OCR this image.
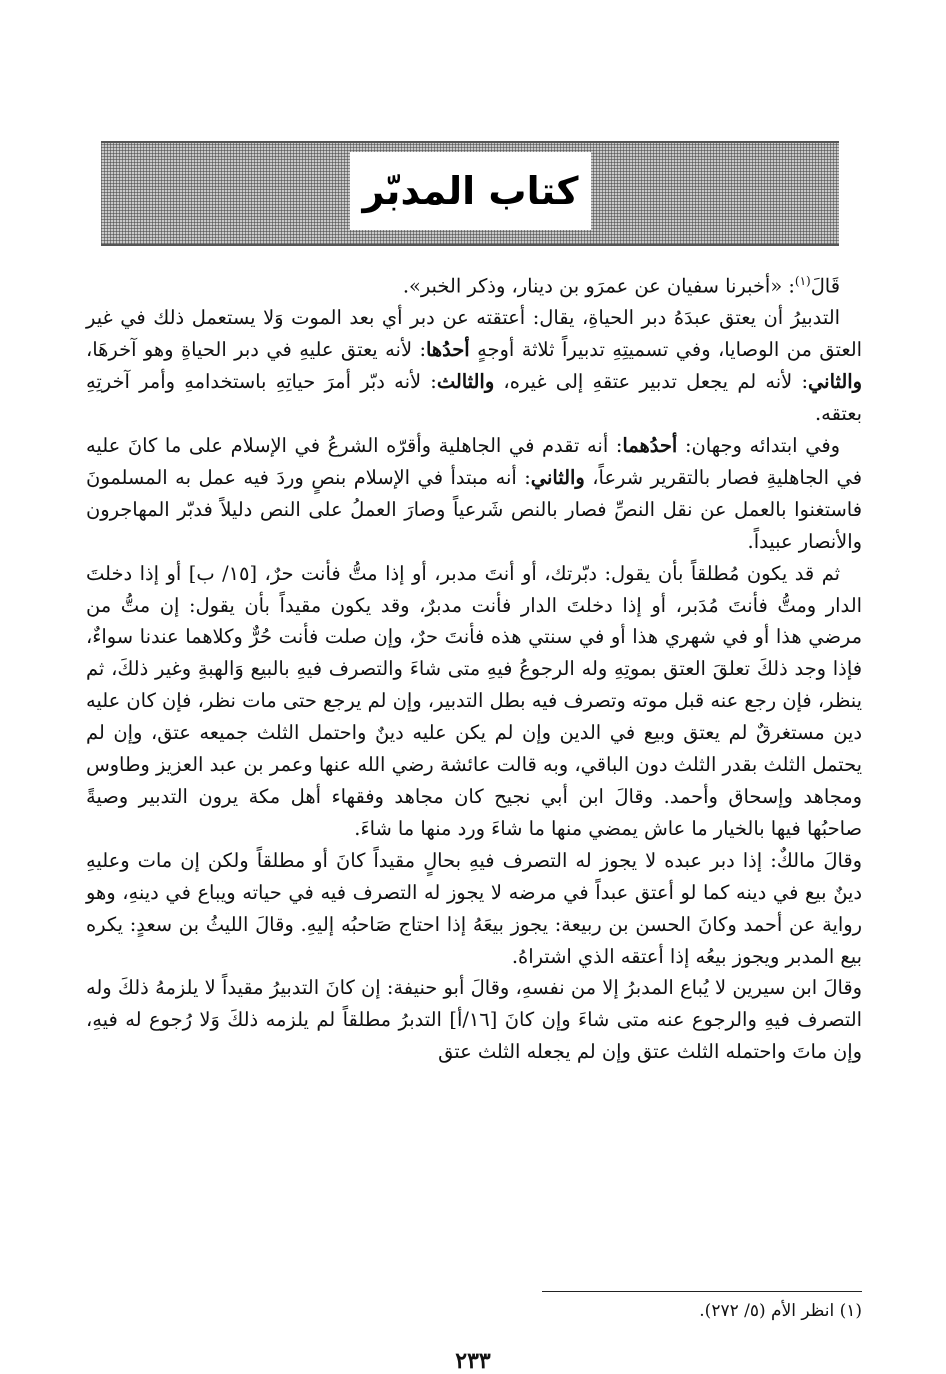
كتاب المدبّر

قَالَ$^{(١)}$: «أخبرنا سفيان عن عمرَو بن دينار، وذكر الخبر».

التدبيرُ أن يعتق عبدَهُ دبر الحياةِ، يقال: أعتقته عن دبر أي بعد الموت وَلا يستعمل ذلك في غير العتق من الوصايا، وفي تسميتِهِ تدبيراً ثلاثة أوجهٍ أحدُها: لأنه يعتق عليهِ في دبر الحياةِ وهو آخرهَا، والثاني: لأنه لم يجعل تدبير عتقهِ إلى غيره، والثالث: لأنه دبّر أمرَ حياتِهِ باستخدامهِ وأمر آخرتِهِ بعتقه.

وفي ابتدائه وجهان: أحدُهما: أنه تقدم في الجاهلية وأقرّه الشرعُ في الإسلام على ما كانَ عليه في الجاهليةِ فصار بالتقرير شرعاً، والثاني: أنه مبتدأ في الإسلام بنصٍ وردَ فيه عمل به المسلمونَ فاستغنوا بالعمل عن نقل النصِّ فصار بالنص شَرعياً وصارَ العملُ على النص دليلاً فدبّر المهاجرون والأنصار عبيداً.

ثم قد يكون مُطلقاً بأن يقول: دبّرتك، أو أنتَ مدبر، أو إذا متُّ فأنت حرٌ، [١٥/ ب] أو إذا دخلتَ الدار ومتُّ فأنتَ مُدَبر، أو إذا دخلتَ الدار فأنت مدبرٌ، وقد يكون مقيداً بأن يقول: إن متُّ من مرضي هذا أو في شهري هذا أو في سنتي هذه فأنتَ حرٌ، وإن صلت فأنت حُرٌّ وكلاهما عندنا سواءٌ، فإذا وجد ذلكَ تعلقَ العتق بموتِهِ وله الرجوعُ فيهِ متى شاءَ والتصرف فيهِ بالبيع وَالهبةِ وغير ذلكَ، ثم ينظر، فإن رجع عنه قبل موته وتصرف فيه بطل التدبير، وإن لم يرجع حتى مات نظر، فإن كان عليه دين مستغرقٌ لم يعتق وبيع في الدين وإن لم يكن عليه دينٌ واحتمل الثلث جميعه عتق، وإن لم يحتمل الثلث بقدر الثلث دون الباقي، وبه قالت عائشة رضي الله عنها وعمر بن عبد العزيز وطاوس ومجاهد وإسحاق وأحمد. وقالَ ابن أبي نجيح كان مجاهد وفقهاء أهل مكة يرون التدبير وصيةً صاحبُها فيها بالخيار ما عاش يمضي منها ما شاءَ ورد منها ما شاءَ.

وقالَ مالكٌ: إذا دبر عبده لا يجوز له التصرف فيهِ بحالٍ مقيداً كانَ أو مطلقاً ولكن إن مات وعليهِ دينٌ بيع في دينه كما لو أعتق عبداً في مرضه لا يجوز له التصرف فيه في حياته ويباع في دينهِ، وهو رواية عن أحمد وكانَ الحسن بن ربيعة: يجوز بيعَهُ إذا احتاج صَاحبُه إليهِ. وقالَ الليثُ بن سعدٍ: يكره بيع المدبر ويجوز بيعُه إذا أعتقه الذي اشتراهُ.

وقالَ ابن سيرين لا يُباع المدبرُ إلا من نفسهِ، وقالَ أبو حنيفة: إن كانَ التدبيرُ مقيداً لا يلزمهُ ذلكَ وله التصرف فيهِ والرجوع عنه متى شاءَ وإن كانَ [١٦/أ] التدبرُ مطلقاً لم يلزمه ذلكَ وَلا رُجوع له فيهِ، وإن ماتَ واحتمله الثلث عتق وإن لم يجعله الثلث عتق

(١) انظر الأم (٥/ ٢٧٢).
٢٣٣
